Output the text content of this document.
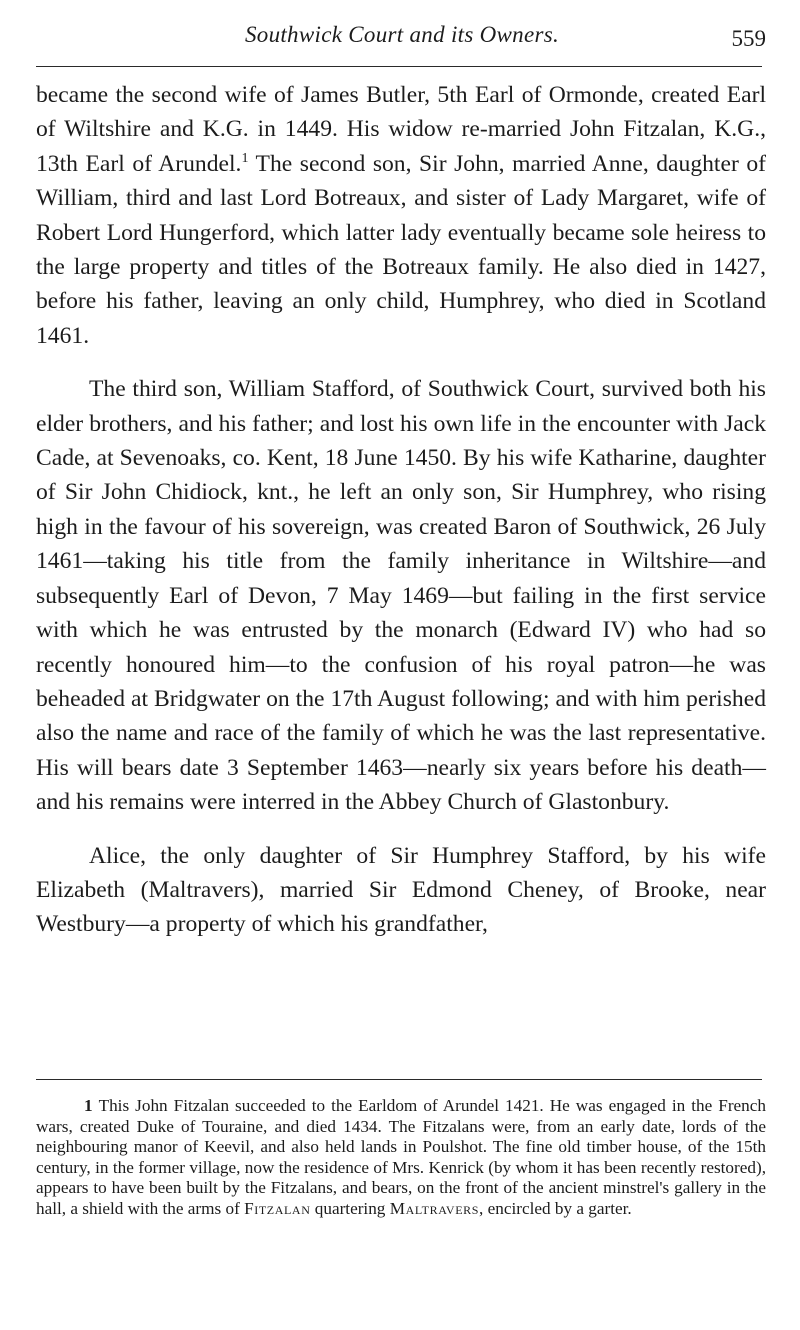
Southwick Court and its Owners.	559

became the second wife of James Butler, 5th Earl of Ormonde, created Earl of Wiltshire and K.G. in 1449. His widow re-married John Fitzalan, K.G., 13th Earl of Arundel.$^1$ The second son, Sir John, married Anne, daughter of William, third and last Lord Botreaux, and sister of Lady Margaret, wife of Robert Lord Hungerford, which latter lady eventually became sole heiress to the large property and titles of the Botreaux family. He also died in 1427, before his father, leaving an only child, Humphrey, who died in Scotland 1461.

The third son, William Stafford, of Southwick Court, survived both his elder brothers, and his father; and lost his own life in the encounter with Jack Cade, at Sevenoaks, co. Kent, 18 June 1450. By his wife Katharine, daughter of Sir John Chidiock, knt., he left an only son, Sir Humphrey, who rising high in the favour of his sovereign, was created Baron of Southwick, 26 July 1461—taking his title from the family inheritance in Wiltshire—and subsequently Earl of Devon, 7 May 1469—but failing in the first service with which he was entrusted by the monarch (Edward IV) who had so recently honoured him—to the confusion of his royal patron—he was beheaded at Bridgwater on the 17th August following; and with him perished also the name and race of the family of which he was the last representative. His will bears date 3 September 1463—nearly six years before his death—and his remains were interred in the Abbey Church of Glastonbury.

Alice, the only daughter of Sir Humphrey Stafford, by his wife Elizabeth (Maltravers), married Sir Edmond Cheney, of Brooke, near Westbury—a property of which his grandfather,

1 This John Fitzalan succeeded to the Earldom of Arundel 1421. He was engaged in the French wars, created Duke of Touraine, and died 1434. The Fitzalans were, from an early date, lords of the neighbouring manor of Keevil, and also held lands in Poulshot. The fine old timber house, of the 15th century, in the former village, now the residence of Mrs. Kenrick (by whom it has been recently restored), appears to have been built by the Fitzalans, and bears, on the front of the ancient minstrel's gallery in the hall, a shield with the arms of Fitzalan quartering Maltravers, encircled by a garter.
